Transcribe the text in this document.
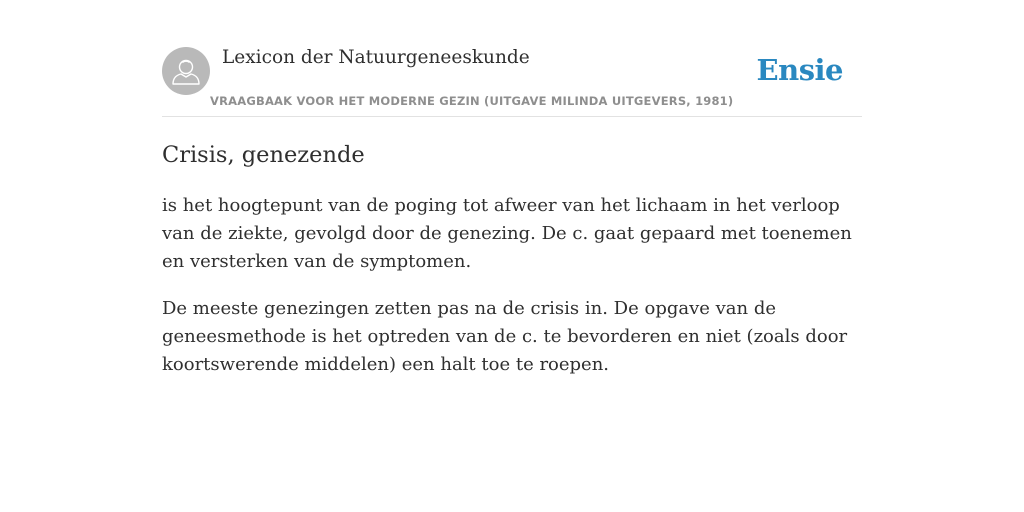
Lexicon der Natuurgeneeskunde
VRAAGBAAK VOOR HET MODERNE GEZIN (UITGAVE MILINDA UITGEVERS, 1981)
Ensie
Crisis, genezende

is het hoogtepunt van de poging tot afweer van het lichaam in het verloop van de ziekte, gevolgd door de genezing. De c. gaat gepaard met toenemen en versterken van de symptomen.

De meeste genezingen zetten pas na de crisis in. De opgave van de geneesmethode is het optreden van de c. te bevorderen en niet (zoals door koortswerende middelen) een halt toe te roepen.
